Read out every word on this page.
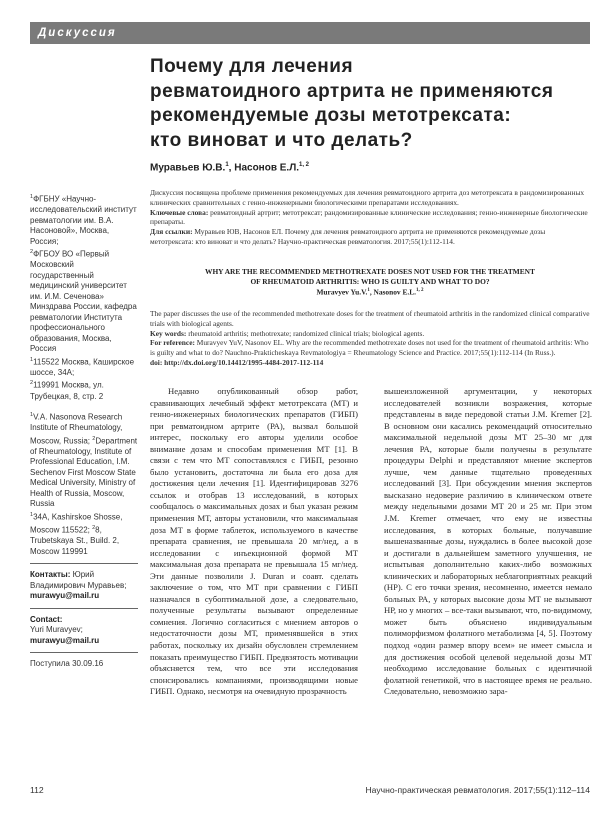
Дискуссия
Почему для лечения
ревматоидного артрита не применяются
рекомендуемые дозы метотрексата:
кто виноват и что делать?
Муравьев Ю.В.$^1$, Насонов Е.Л.$^{1, 2}$

$^1$ФГБНУ «Научно-исследовательский институт ревматологии им. В.А. Насоновой», Москва, Россия;

$^2$ФГБОУ ВО «Первый Московский государственный медицинский университет им. И.М. Сеченова» Минздрава России, кафедра ревматологии Института профессионального образования, Москва, Россия

$^1$115522 Москва, Каширское шоссе, 34А;

$^2$119991 Москва, ул. Трубецкая, 8, стр. 2

$^1$V.A. Nasonova Research Institute of Rheumatology, Moscow, Russia; $^2$Department of Rheumatology, Institute of Professional Education, I.M. Sechenov First Moscow State Medical University, Ministry of Health of Russia, Moscow, Russia

$^1$34A, Kashirskoe Shosse, Moscow 115522; $^2$8, Trubetskaya St., Build. 2, Moscow 119991

Контакты: Юрий Владимирович Муравьев;

murawyu@mail.ru

Contact:

Yuri Muravyev;

murawyu@mail.ru

Поступила 30.09.16

Дискуссия посвящена проблеме применения рекомендуемых для лечения ревматоидного артрита доз метотрексата в рандомизированных клинических сравнительных с генно-инженерными биологическими препаратами исследованиях.

Ключевые слова: ревматоидный артрит; метотрексат; рандомизированные клинические исследования; генно-инженерные биологические препараты.

Для ссылки: Муравьев ЮВ, Насонов ЕЛ. Почему для лечения ревматоидного артрита не применяются рекомендуемые дозы метотрексата: кто виноват и что делать? Научно-практическая ревматология. 2017;55(1):112-114.

WHY ARE THE RECOMMENDED METHOTREXATE DOSES NOT USED FOR THE TREATMENT
OF RHEUMATOID ARTHRITIS: WHO IS GUILTY AND WHAT TO DO?
Muravyev Yu.V.$^1$, Nasonov E.L.$^{1, 2}$

The paper discusses the use of the recommended methotrexate doses for the treatment of rheumatoid arthritis in the randomized clinical comparative trials with biological agents.

Key words: rheumatoid arthritis; methotrexate; randomized clinical trials; biological agents.

For reference: Muravyev YuV, Nasonov EL. Why are the recommended methotrexate doses not used for the treatment of rheumatoid arthritis: Who is guilty and what to do? Nauchno-Prakticheskaya Revmatologiya = Rheumatology Science and Practice. 2017;55(1):112-114 (In Russ.).

doi: http://dx.doi.org/10.14412/1995-4484-2017-112-114

Недавно опубликованный обзор работ, сравнивающих лечебный эффект метотрексата (МТ) и генно-инженерных биологических препаратов (ГИБП) при ревматоидном артрите (РА), вызвал большой интерес, поскольку его авторы уделили особое внимание дозам и способам применения МТ [1]. В связи с тем что МТ сопоставлялся с ГИБП, резонно было установить, достаточна ли была его доза для достижения цели лечения [1]. Идентифицировав 3276 ссылок и отобрав 13 исследований, в которых сообщалось о максимальных дозах и был указан режим применения МТ, авторы установили, что максимальная доза МТ в форме таблеток, используемого в качестве препарата сравнения, не превышала 20 мг/нед, а в исследовании с инъекционной формой МТ максимальная доза препарата не превышала 15 мг/нед. Эти данные позволили J. Duran и соавт. сделать заключение о том, что МТ при сравнении с ГИБП назначался в субоптимальной дозе, а следовательно, полученные результаты вызывают определенные сомнения. Логично согласиться с мнением авторов о недостаточности дозы МТ, применявшейся в этих работах, поскольку их дизайн обусловлен стремлением показать преимущество ГИБП. Предвзятость мотивации объясняется тем, что все эти исследования спонсировались компаниями, производящими новые ГИБП. Однако, несмотря на очевидную прозрачность
вышеизложенной аргументации, у некоторых исследователей возникли возражения, которые представлены в виде передовой статьи J.M. Kremer [2]. В основном они касались рекомендаций относительно максимальной недельной дозы МТ 25–30 мг для лечения РА, которые были получены в результате процедуры Delphi и представляют мнение экспертов лучше, чем данные тщательно проведенных исследований [3]. При обсуждении мнения экспертов высказано недоверие различию в клиническом ответе между недельными дозами МТ 20 и 25 мг. При этом J.M. Kremer отмечает, что ему не известны исследования, в которых больные, получавшие вышеназванные дозы, нуждались в более высокой дозе и достигали в дальнейшем заметного улучшения, не испытывая дополнительно каких-либо возможных клинических и лабораторных неблагоприятных реакций (НР). С его точки зрения, несомненно, имеется немало больных РА, у которых высокие дозы МТ не вызывают НР, но у многих – все-таки вызывают, что, по-видимому, может быть объяснено индивидуальным полиморфизмом фолатного метаболизма [4, 5]. Поэтому подход «один размер впору всем» не имеет смысла и для достижения особой целевой недельной дозы МТ необходимо исследование больных с идентичной фолатной генетикой, что в настоящее время не реально. Следовательно, невозможно зара-
112	Научно-практическая ревматология. 2017;55(1):112–114
